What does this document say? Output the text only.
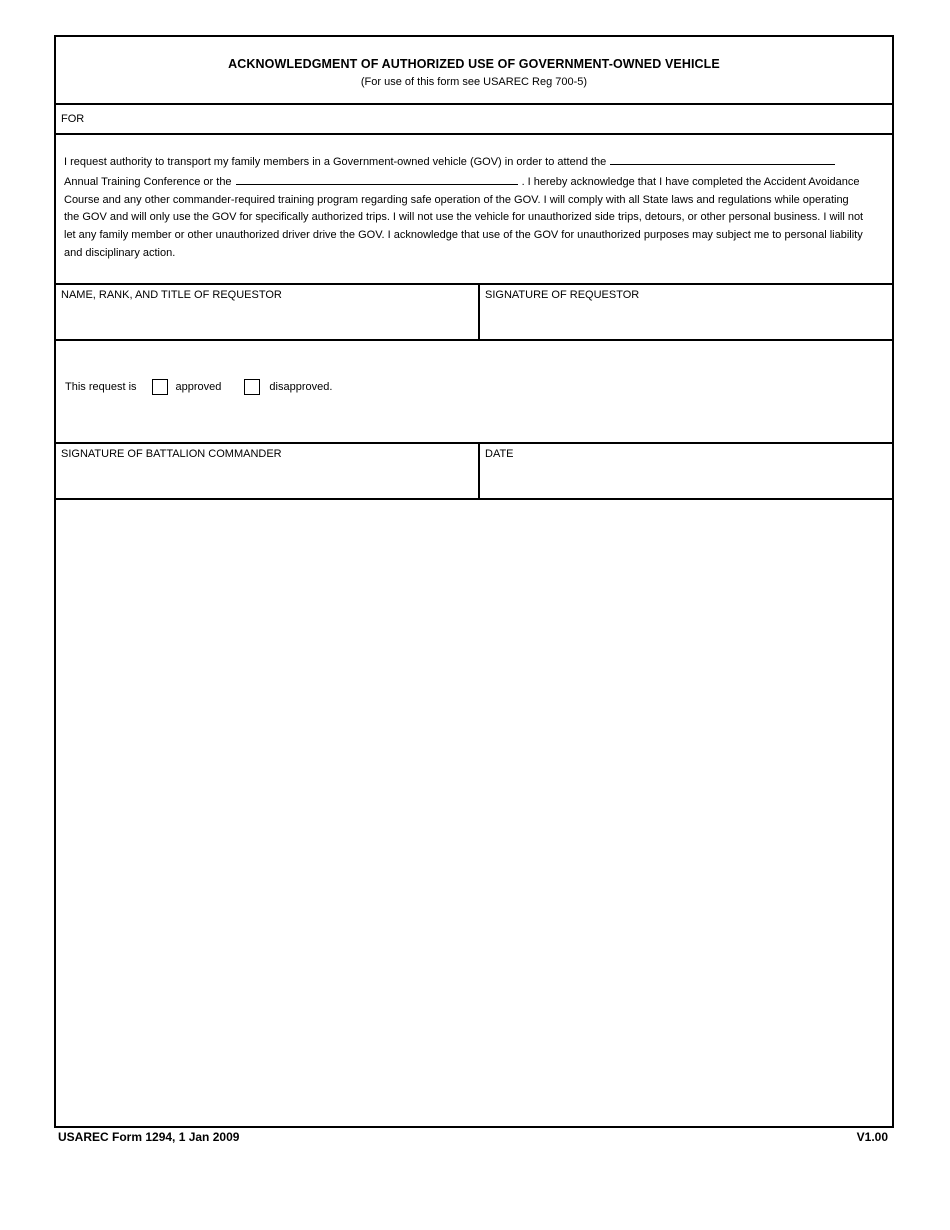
ACKNOWLEDGMENT OF AUTHORIZED USE OF GOVERNMENT-OWNED VEHICLE
(For use of this form see USAREC Reg 700-5)
FOR
I request authority to transport my family members in a Government-owned vehicle (GOV) in order to attend the
Annual Training Conference or the	. I hereby acknowledge that I have completed the Accident Avoidance Course and any other commander-required training program regarding safe operation of the GOV. I will comply with all State laws and regulations while operating the GOV and will only use the GOV for specifically authorized trips. I will not use the vehicle for unauthorized side trips, detours, or other personal business. I will not let any family member or other unauthorized driver drive the GOV. I acknowledge that use of the GOV for unauthorized purposes may subject me to personal liability and disciplinary action.
NAME, RANK, AND TITLE OF REQUESTOR	SIGNATURE OF REQUESTOR
This request is	approved	disapproved.
SIGNATURE OF BATTALION COMMANDER	DATE
USAREC Form 1294, 1 Jan 2009	V1.00
